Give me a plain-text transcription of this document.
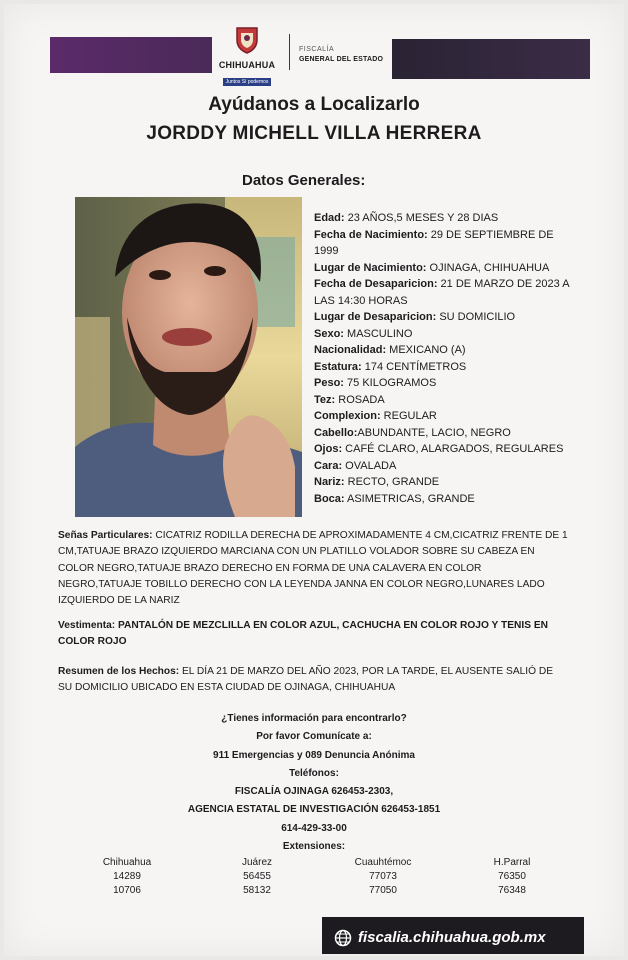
CHIHUAHUA
Juntos Sí podemos
FISCALÍA
GENERAL DEL ESTADO
Ayúdanos a Localizarlo
JORDDY MICHELL VILLA HERRERA
Datos Generales:
Edad: 23 AÑOS,5 MESES Y 28 DIAS
Fecha de Nacimiento: 29 DE SEPTIEMBRE DE 1999
Lugar de Nacimiento: OJINAGA, CHIHUAHUA
Fecha de Desaparicion: 21 DE MARZO DE 2023 A LAS 14:30 HORAS
Lugar de Desaparicion: SU DOMICILIO
Sexo: MASCULINO
Nacionalidad: MEXICANO (A)
Estatura: 174 CENTÍMETROS
Peso: 75 KILOGRAMOS
Tez: ROSADA
Complexion: REGULAR
Cabello:ABUNDANTE, LACIO, NEGRO
Ojos: CAFÉ CLARO, ALARGADOS, REGULARES
Cara: OVALADA
Nariz: RECTO, GRANDE
Boca: ASIMETRICAS, GRANDE
Señas Particulares: CICATRIZ RODILLA DERECHA DE APROXIMADAMENTE 4 CM,CICATRIZ FRENTE DE 1 CM,TATUAJE BRAZO IZQUIERDO MARCIANA CON UN PLATILLO VOLADOR SOBRE SU CABEZA EN COLOR NEGRO,TATUAJE BRAZO DERECHO EN FORMA DE UNA CALAVERA EN COLOR NEGRO,TATUAJE TOBILLO DERECHO CON LA LEYENDA JANNA EN COLOR NEGRO,LUNARES LADO IZQUIERDO DE LA NARIZ
Vestimenta: PANTALÓN DE MEZCLILLA EN COLOR AZUL, CACHUCHA EN COLOR ROJO Y TENIS EN COLOR ROJO
Resumen de los Hechos: EL DÍA 21 DE MARZO DEL AÑO 2023, POR LA TARDE, EL AUSENTE SALIÓ DE SU DOMICILIO UBICADO EN ESTA CIUDAD DE OJINAGA, CHIHUAHUA
¿Tienes información para encontrarlo?
Por favor Comunícate a:
911 Emergencias y 089 Denuncia Anónima
Teléfonos:
FISCALÍA OJINAGA 626453-2303,
AGENCIA ESTATAL DE INVESTIGACIÓN 626453-1851
614-429-33-00
Extensiones:
Chihuahua
14289
10706
Juárez
56455
58132
Cuauhtémoc
77073
77050
H.Parral
76350
76348
fiscalia.chihuahua.gob.mx
